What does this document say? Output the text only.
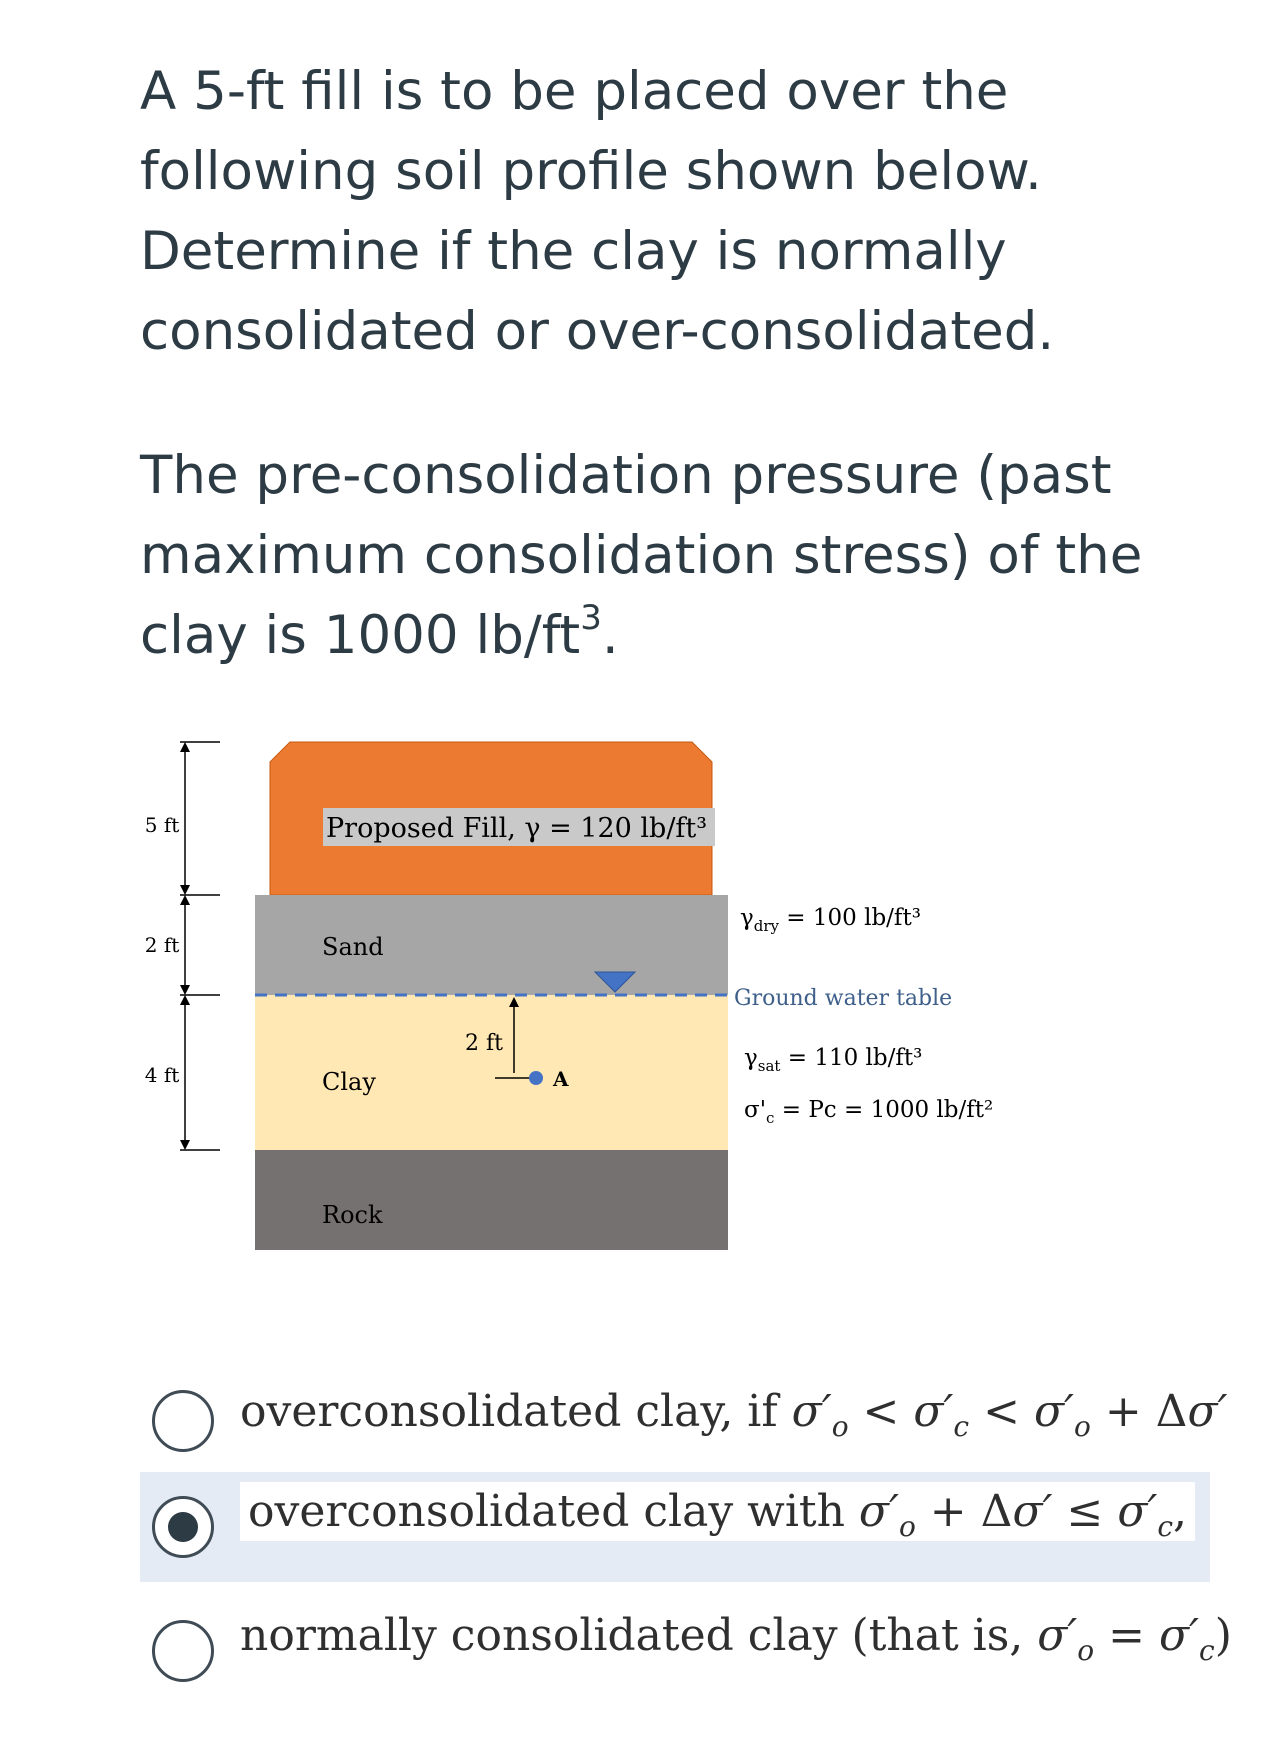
A 5-ft fill is to be placed over the following soil profile shown below. Determine if the clay is normally consolidated or over-consolidated.

The pre-consolidation pressure (past maximum consolidation stress) of the clay is 1000 $lb/ft^3$.

5 ft
2 ft
4 ft
Proposed Fill, γ = 120 lb/ft³
Sand
Clay
Rock
2 ft
A
$\gamma_{dry} = 100$ lb/ft³
Ground water table
$\gamma_{sat} = 110$ lb/ft³
$\sigma'_c = Pc = 1000$ lb/ft²
overconsolidated clay, if $\sigma'_o < \sigma'_c < \sigma'_o + \Delta\sigma'$
overconsolidated clay with $\sigma'_o + \Delta\sigma' \le \sigma'_c$,
normally consolidated clay (that is, $\sigma'_o = \sigma'_c$)
